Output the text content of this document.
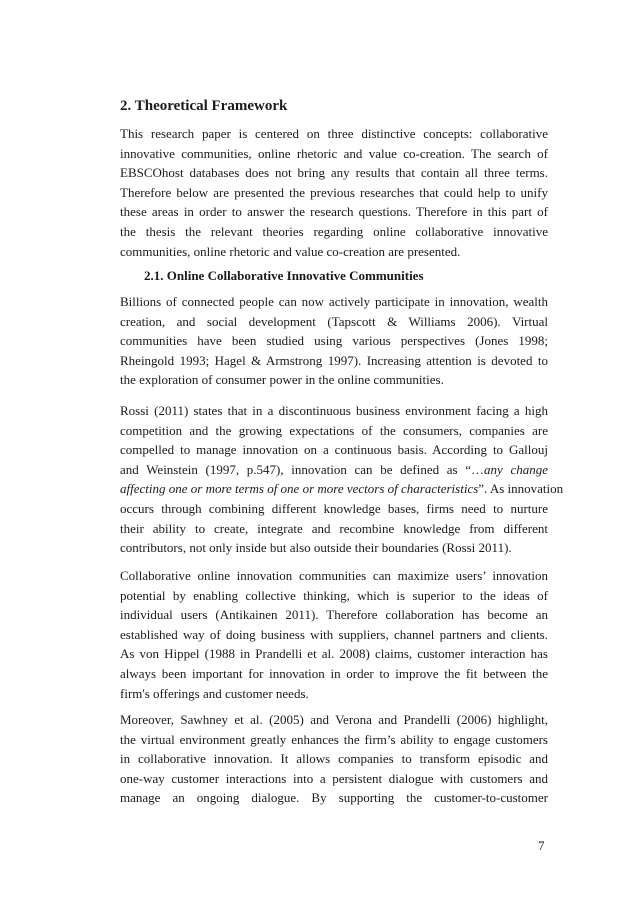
2. Theoretical Framework
This research paper is centered on three distinctive concepts: collaborative
innovative communities, online rhetoric and value co-creation. The search of
EBSCOhost databases does not bring any results that contain all three terms.
Therefore below are presented the previous researches that could help to unify
these areas in order to answer the research questions. Therefore in this part of
the thesis the relevant theories regarding online collaborative innovative
communities, online rhetoric and value co-creation are presented.
2.1. Online Collaborative Innovative Communities
Billions of connected people can now actively participate in innovation, wealth
creation, and social development (Tapscott & Williams 2006). Virtual
communities have been studied using various perspectives (Jones 1998;
Rheingold 1993; Hagel & Armstrong 1997). Increasing attention is devoted to
the exploration of consumer power in the online communities.
Rossi (2011) states that in a discontinuous business environment facing a high
competition and the growing expectations of the consumers, companies are
compelled to manage innovation on a continuous basis. According to Gallouj
and Weinstein (1997, p.547), innovation can be defined as “…any change
affecting one or more terms of one or more vectors of characteristics”. As innovation
occurs through combining different knowledge bases, firms need to nurture
their ability to create, integrate and recombine knowledge from different
contributors, not only inside but also outside their boundaries (Rossi 2011).
Collaborative online innovation communities can maximize users’ innovation
potential by enabling collective thinking, which is superior to the ideas of
individual users (Antikainen 2011). Therefore collaboration has become an
established way of doing business with suppliers, channel partners and clients.
As von Hippel (1988 in Prandelli et al. 2008) claims, customer interaction has
always been important for innovation in order to improve the fit between the
firm's offerings and customer needs.
Moreover, Sawhney et al. (2005) and Verona and Prandelli (2006) highlight,
the virtual environment greatly enhances the firm’s ability to engage customers
in collaborative innovation. It allows companies to transform episodic and
one-way customer interactions into a persistent dialogue with customers and
manage an ongoing dialogue. By supporting the customer-to-customer
7
